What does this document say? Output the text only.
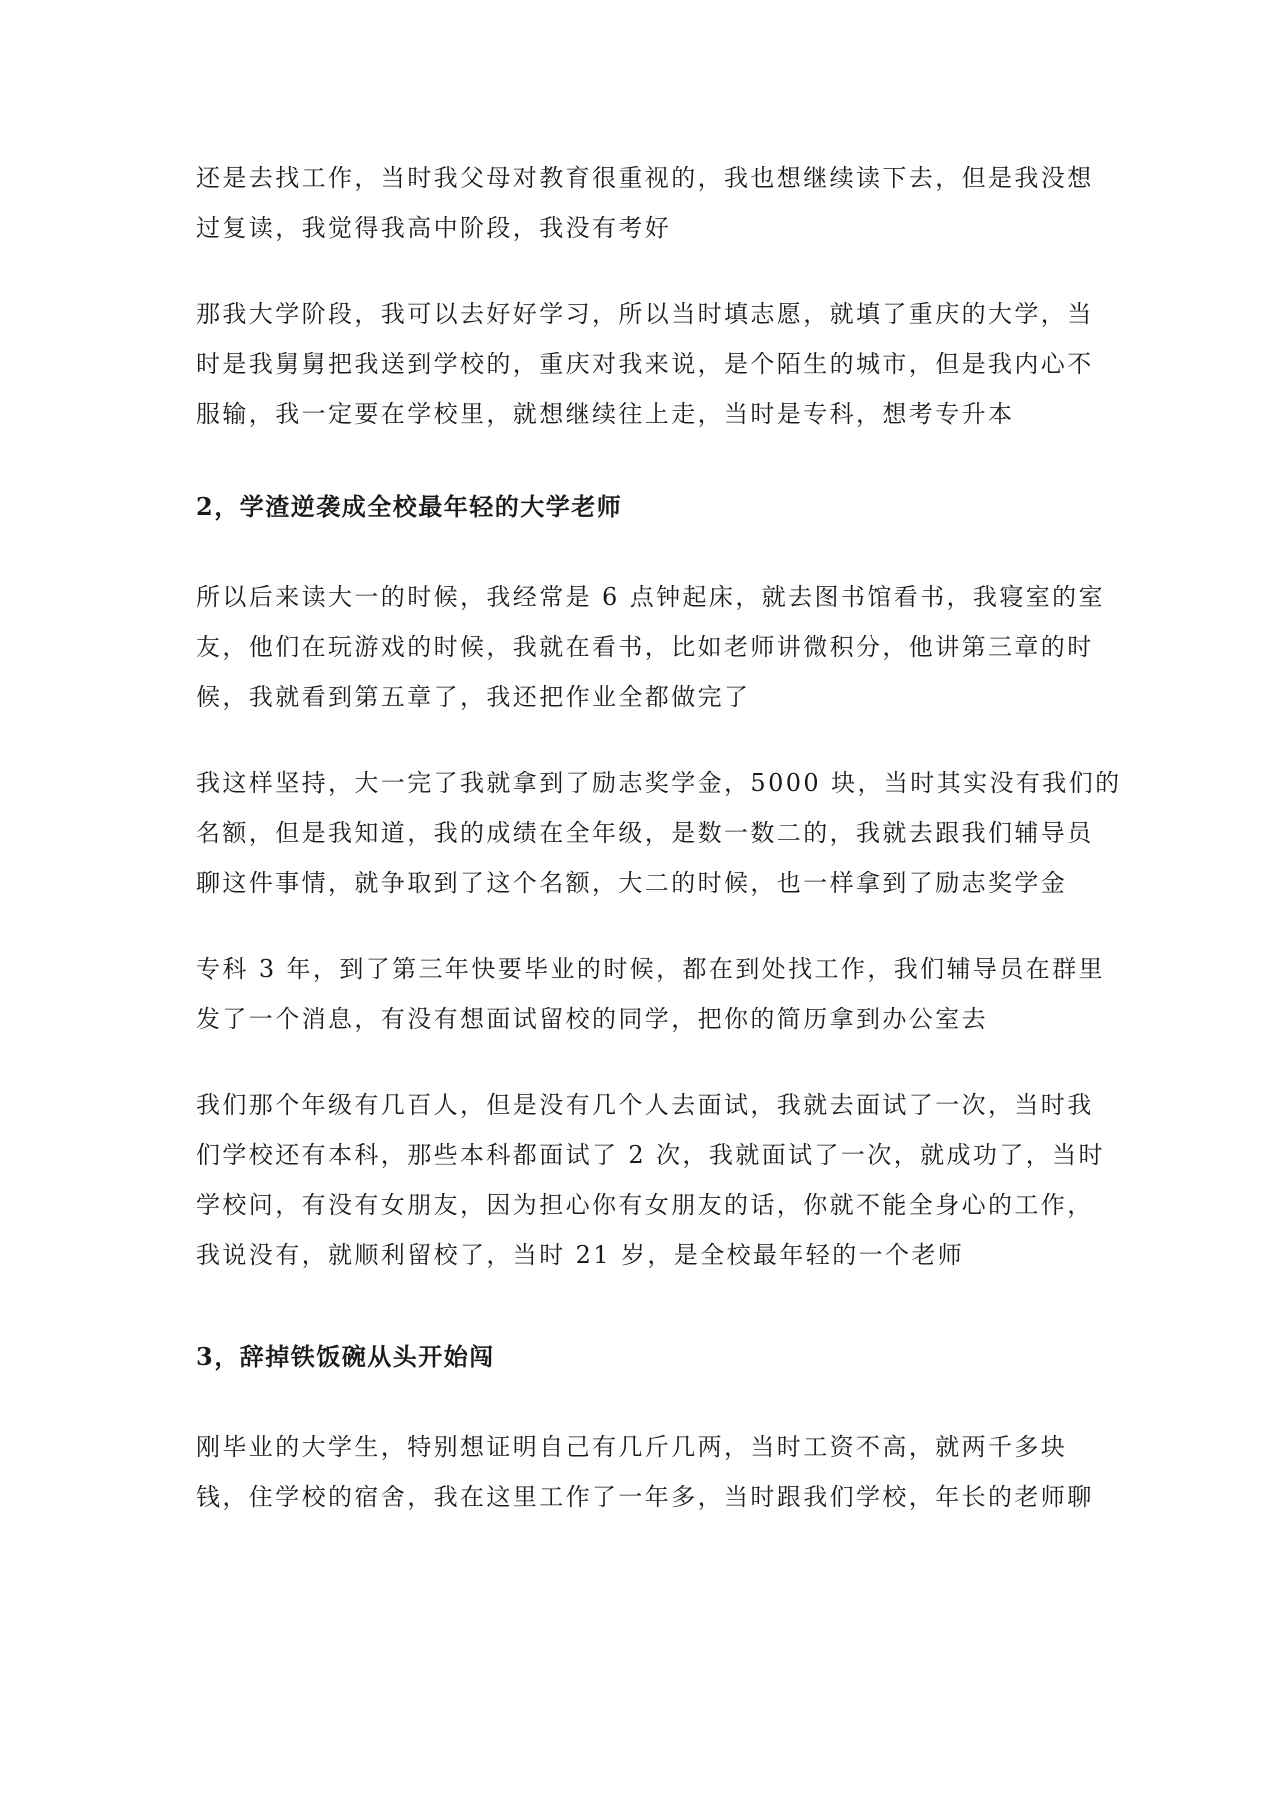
还是去找工作，当时我父母对教育很重视的，我也想继续读下去，但是我没想
过复读，我觉得我高中阶段，我没有考好
那我大学阶段，我可以去好好学习，所以当时填志愿，就填了重庆的大学，当
时是我舅舅把我送到学校的，重庆对我来说，是个陌生的城市，但是我内心不
服输，我一定要在学校里，就想继续往上走，当时是专科，想考专升本
2，学渣逆袭成全校最年轻的大学老师
所以后来读大一的时候，我经常是 6 点钟起床，就去图书馆看书，我寝室的室
友，他们在玩游戏的时候，我就在看书，比如老师讲微积分，他讲第三章的时
候，我就看到第五章了，我还把作业全都做完了
我这样坚持，大一完了我就拿到了励志奖学金，5000 块，当时其实没有我们的
名额，但是我知道，我的成绩在全年级，是数一数二的，我就去跟我们辅导员
聊这件事情，就争取到了这个名额，大二的时候，也一样拿到了励志奖学金
专科 3 年，到了第三年快要毕业的时候，都在到处找工作，我们辅导员在群里
发了一个消息，有没有想面试留校的同学，把你的简历拿到办公室去
我们那个年级有几百人，但是没有几个人去面试，我就去面试了一次，当时我
们学校还有本科，那些本科都面试了 2 次，我就面试了一次，就成功了，当时
学校问，有没有女朋友，因为担心你有女朋友的话，你就不能全身心的工作，
我说没有，就顺利留校了，当时 21 岁，是全校最年轻的一个老师
3，辞掉铁饭碗从头开始闯
刚毕业的大学生，特别想证明自己有几斤几两，当时工资不高，就两千多块
钱，住学校的宿舍，我在这里工作了一年多，当时跟我们学校，年长的老师聊
